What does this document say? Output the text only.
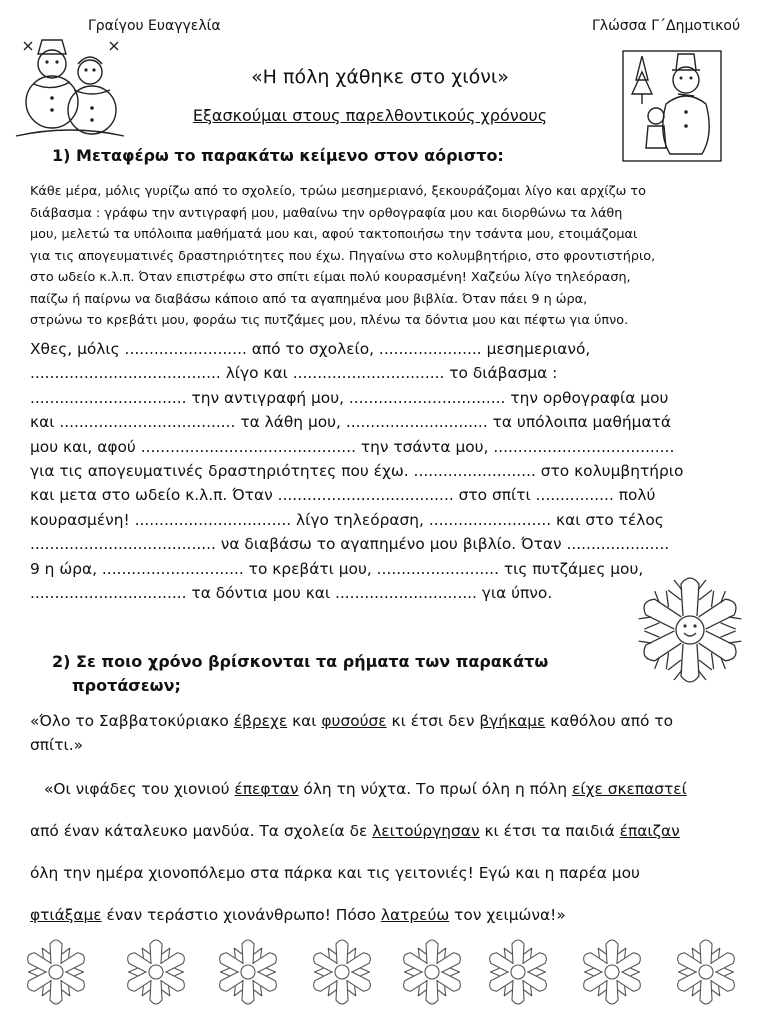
Γραίγου Ευαγγελία	Γλώσσα Γ΄Δημοτικού
«Η πόλη χάθηκε στο χιόνι»
Εξασκούμαι στους παρελθοντικούς χρόνους
1) Μεταφέρω το παρακάτω κείμενο στον αόριστο:
Κάθε μέρα, μόλις γυρίζω από το σχολείο, τρώω μεσημεριανό, ξεκουράζομαι λίγο και αρχίζω το
διάβασμα : γράφω την αντιγραφή μου, μαθαίνω την ορθογραφία μου και διορθώνω τα λάθη
μου, μελετώ τα υπόλοιπα μαθήματά μου και, αφού τακτοποιήσω την τσάντα μου, ετοιμάζομαι
για τις απογευματινές δραστηριότητες που έχω. Πηγαίνω στο κολυμβητήριο, στο φροντιστήριο,
στο ωδείο κ.λ.π. Όταν επιστρέφω στο σπίτι είμαι πολύ κουρασμένη! Χαζεύω λίγο τηλεόραση,
παίζω ή παίρνω να διαβάσω κάποιο από τα αγαπημένα μου βιβλία. Όταν πάει 9 η ώρα,
στρώνω το κρεβάτι μου, φοράω τις πυτζάμες μου, πλένω τα δόντια μου και πέφτω για ύπνο.
Χθες, μόλις ......................... από το σχολείο, ..................... μεσημεριανό,
....................................... λίγο και ............................... το διάβασμα :
................................ την αντιγραφή μου, ................................ την ορθογραφία μου
και .................................... τα λάθη μου, ............................. τα υπόλοιπα μαθήματά
μου και, αφού ............................................ την τσάντα μου, .....................................
για τις απογευματινές δραστηριότητες που έχω. ......................... στο κολυμβητήριο
και μετα στο ωδείο κ.λ.π. Όταν .................................... στο σπίτι ................ πολύ
κουρασμένη! ................................ λίγο τηλεόραση, ......................... και στο τέλος
...................................... να διαβάσω το αγαπημένο μου βιβλίο. Όταν .....................
9 η ώρα, ............................. το κρεβάτι μου, ......................... τις πυτζάμες μου,
................................ τα δόντια μου και ............................. για ύπνο.
2) Σε ποιο χρόνο βρίσκονται τα ρήματα των παρακάτω
προτάσεων;
«Όλο το Σαββατοκύριακο έβρεχε και φυσούσε κι έτσι δεν βγήκαμε καθόλου από το
σπίτι.»
«Οι νιφάδες του χιονιού έπεφταν όλη τη νύχτα. Το πρωί όλη η πόλη είχε σκεπαστεί
από έναν κάταλευκο μανδύα. Τα σχολεία δε λειτούργησαν κι έτσι τα παιδιά έπαιζαν
όλη την ημέρα χιονοπόλεμο στα πάρκα και τις γειτονιές! Εγώ και η παρέα μου
φτιάξαμε έναν τεράστιο χιονάνθρωπο! Πόσο λατρεύω τον χειμώνα!»
